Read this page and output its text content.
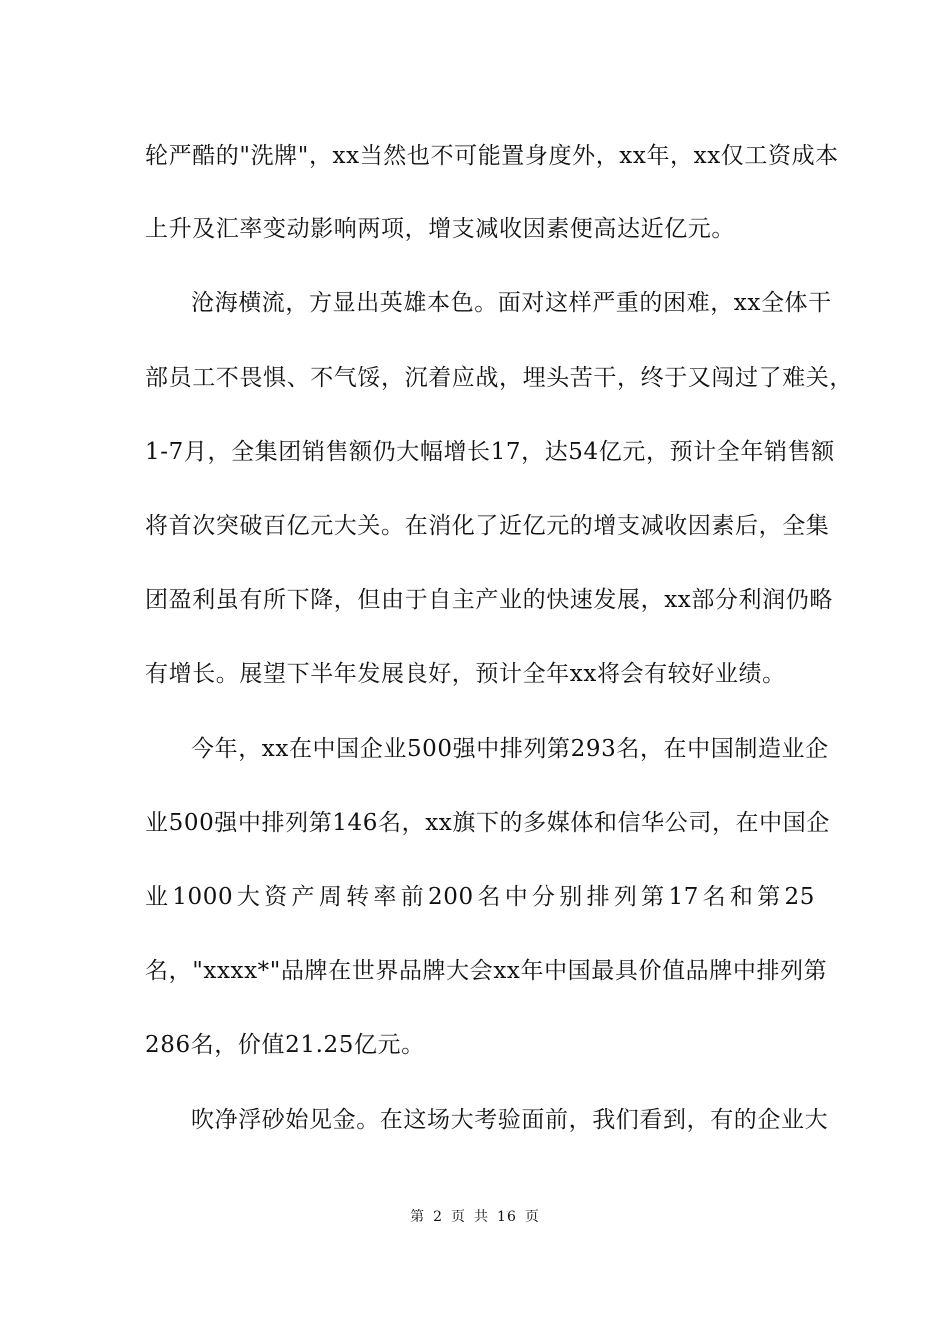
轮严酷的"洗牌"，xx当然也不可能置身度外，xx年，xx仅工资成本
上升及汇率变动影响两项，增支减收因素便高达近亿元。
沧海横流，方显出英雄本色。面对这样严重的困难，xx全体干
部员工不畏惧、不气馁，沉着应战，埋头苦干，终于又闯过了难关，
1-7月，全集团销售额仍大幅增长17，达54亿元，预计全年销售额
将首次突破百亿元大关。在消化了近亿元的增支减收因素后，全集
团盈利虽有所下降，但由于自主产业的快速发展，xx部分利润仍略
有增长。展望下半年发展良好，预计全年xx将会有较好业绩。
今年，xx在中国企业500强中排列第293名，在中国制造业企
业500强中排列第146名，xx旗下的多媒体和信华公司，在中国企
业 1000 大 资 产 周 转 率 前 200 名 中 分 别 排 列 第 17 名 和 第 25
名，"xxxx*"品牌在世界品牌大会xx年中国最具价值品牌中排列第
286名，价值21.25亿元。
吹净浮砂始见金。在这场大考验面前，我们看到，有的企业大
第 2 页 共 16 页
